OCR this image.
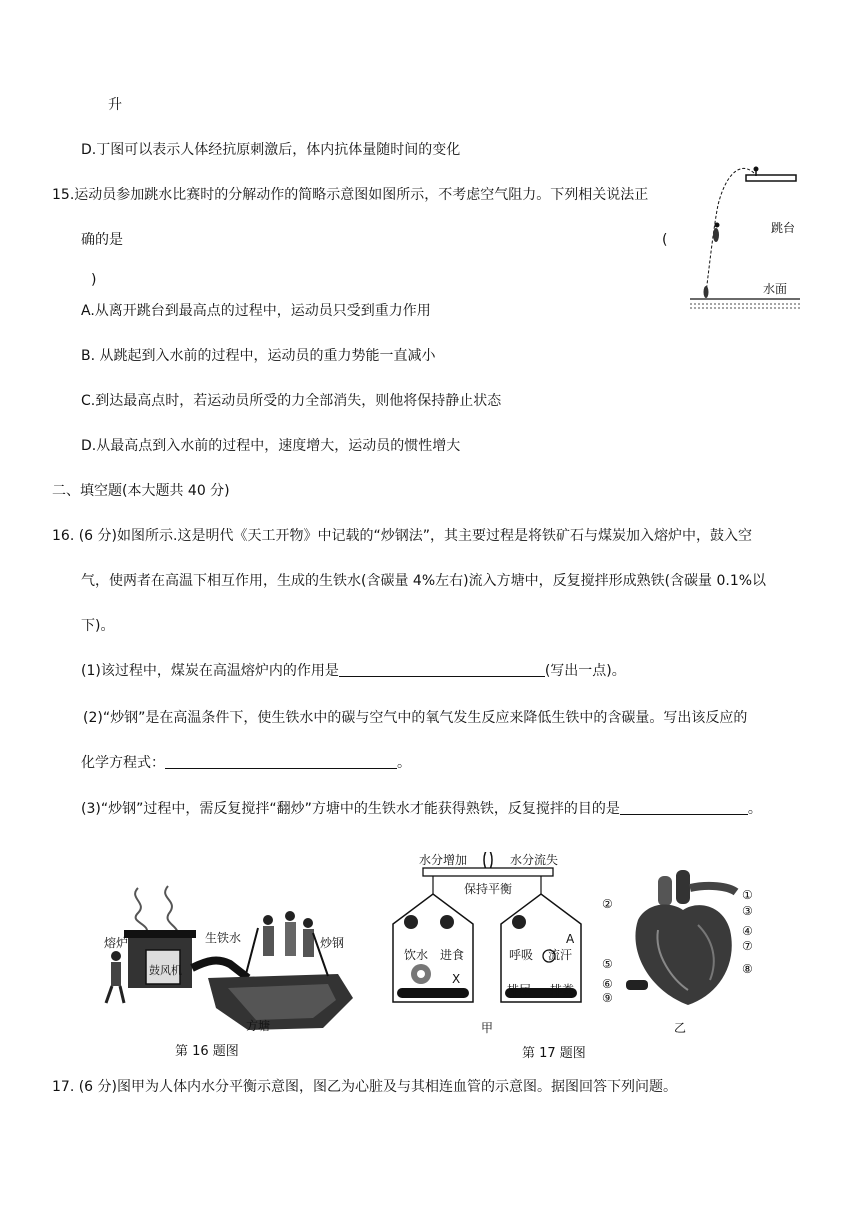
升
D.丁图可以表示人体经抗原刺激后，体内抗体量随时间的变化
15.运动员参加跳水比赛时的分解动作的简略示意图如图所示，不考虑空气阻力。下列相关说法正
确的是	(
)
A.从离开跳台到最高点的过程中，运动员只受到重力作用
B. 从跳起到入水前的过程中，运动员的重力势能一直减小
C.到达最高点时，若运动员所受的力全部消失，则他将保持静止状态
D.从最高点到入水前的过程中，速度增大，运动员的惯性增大
跳台
水面
二、填空题(本大题共 40 分)
16. (6 分)如图所示.这是明代《天工开物》中记载的“炒钢法”，其主要过程是将铁矿石与煤炭加入熔炉中，鼓入空
气，使两者在高温下相互作用，生成的生铁水(含碳量 4%左右)流入方塘中，反复搅拌形成熟铁(含碳量 0.1%以
下)。
(1)该过程中，煤炭在高温熔炉内的作用是	(写出一点)。
(2)“炒钢”是在高温条件下，使生铁水中的碳与空气中的氧气发生反应来降低生铁中的含碳量。写出该反应的
化学方程式：	。
(3)“炒钢”过程中，需反复搅拌“翻炒”方塘中的生铁水才能获得熟铁，反复搅拌的目的是	。
熔炉	生铁水	炒钢
方塘
鼓风机
第 16 题图
水分增加	水分流失
保持平衡
饮水 进食	呼吸 流汗
X
A
排尿 排粪
甲
②
①
③
④
⑦
⑤	⑧
⑥
⑨
乙
第 17 题图
17. (6 分)图甲为人体内水分平衡示意图，图乙为心脏及与其相连血管的示意图。据图回答下列问题。
